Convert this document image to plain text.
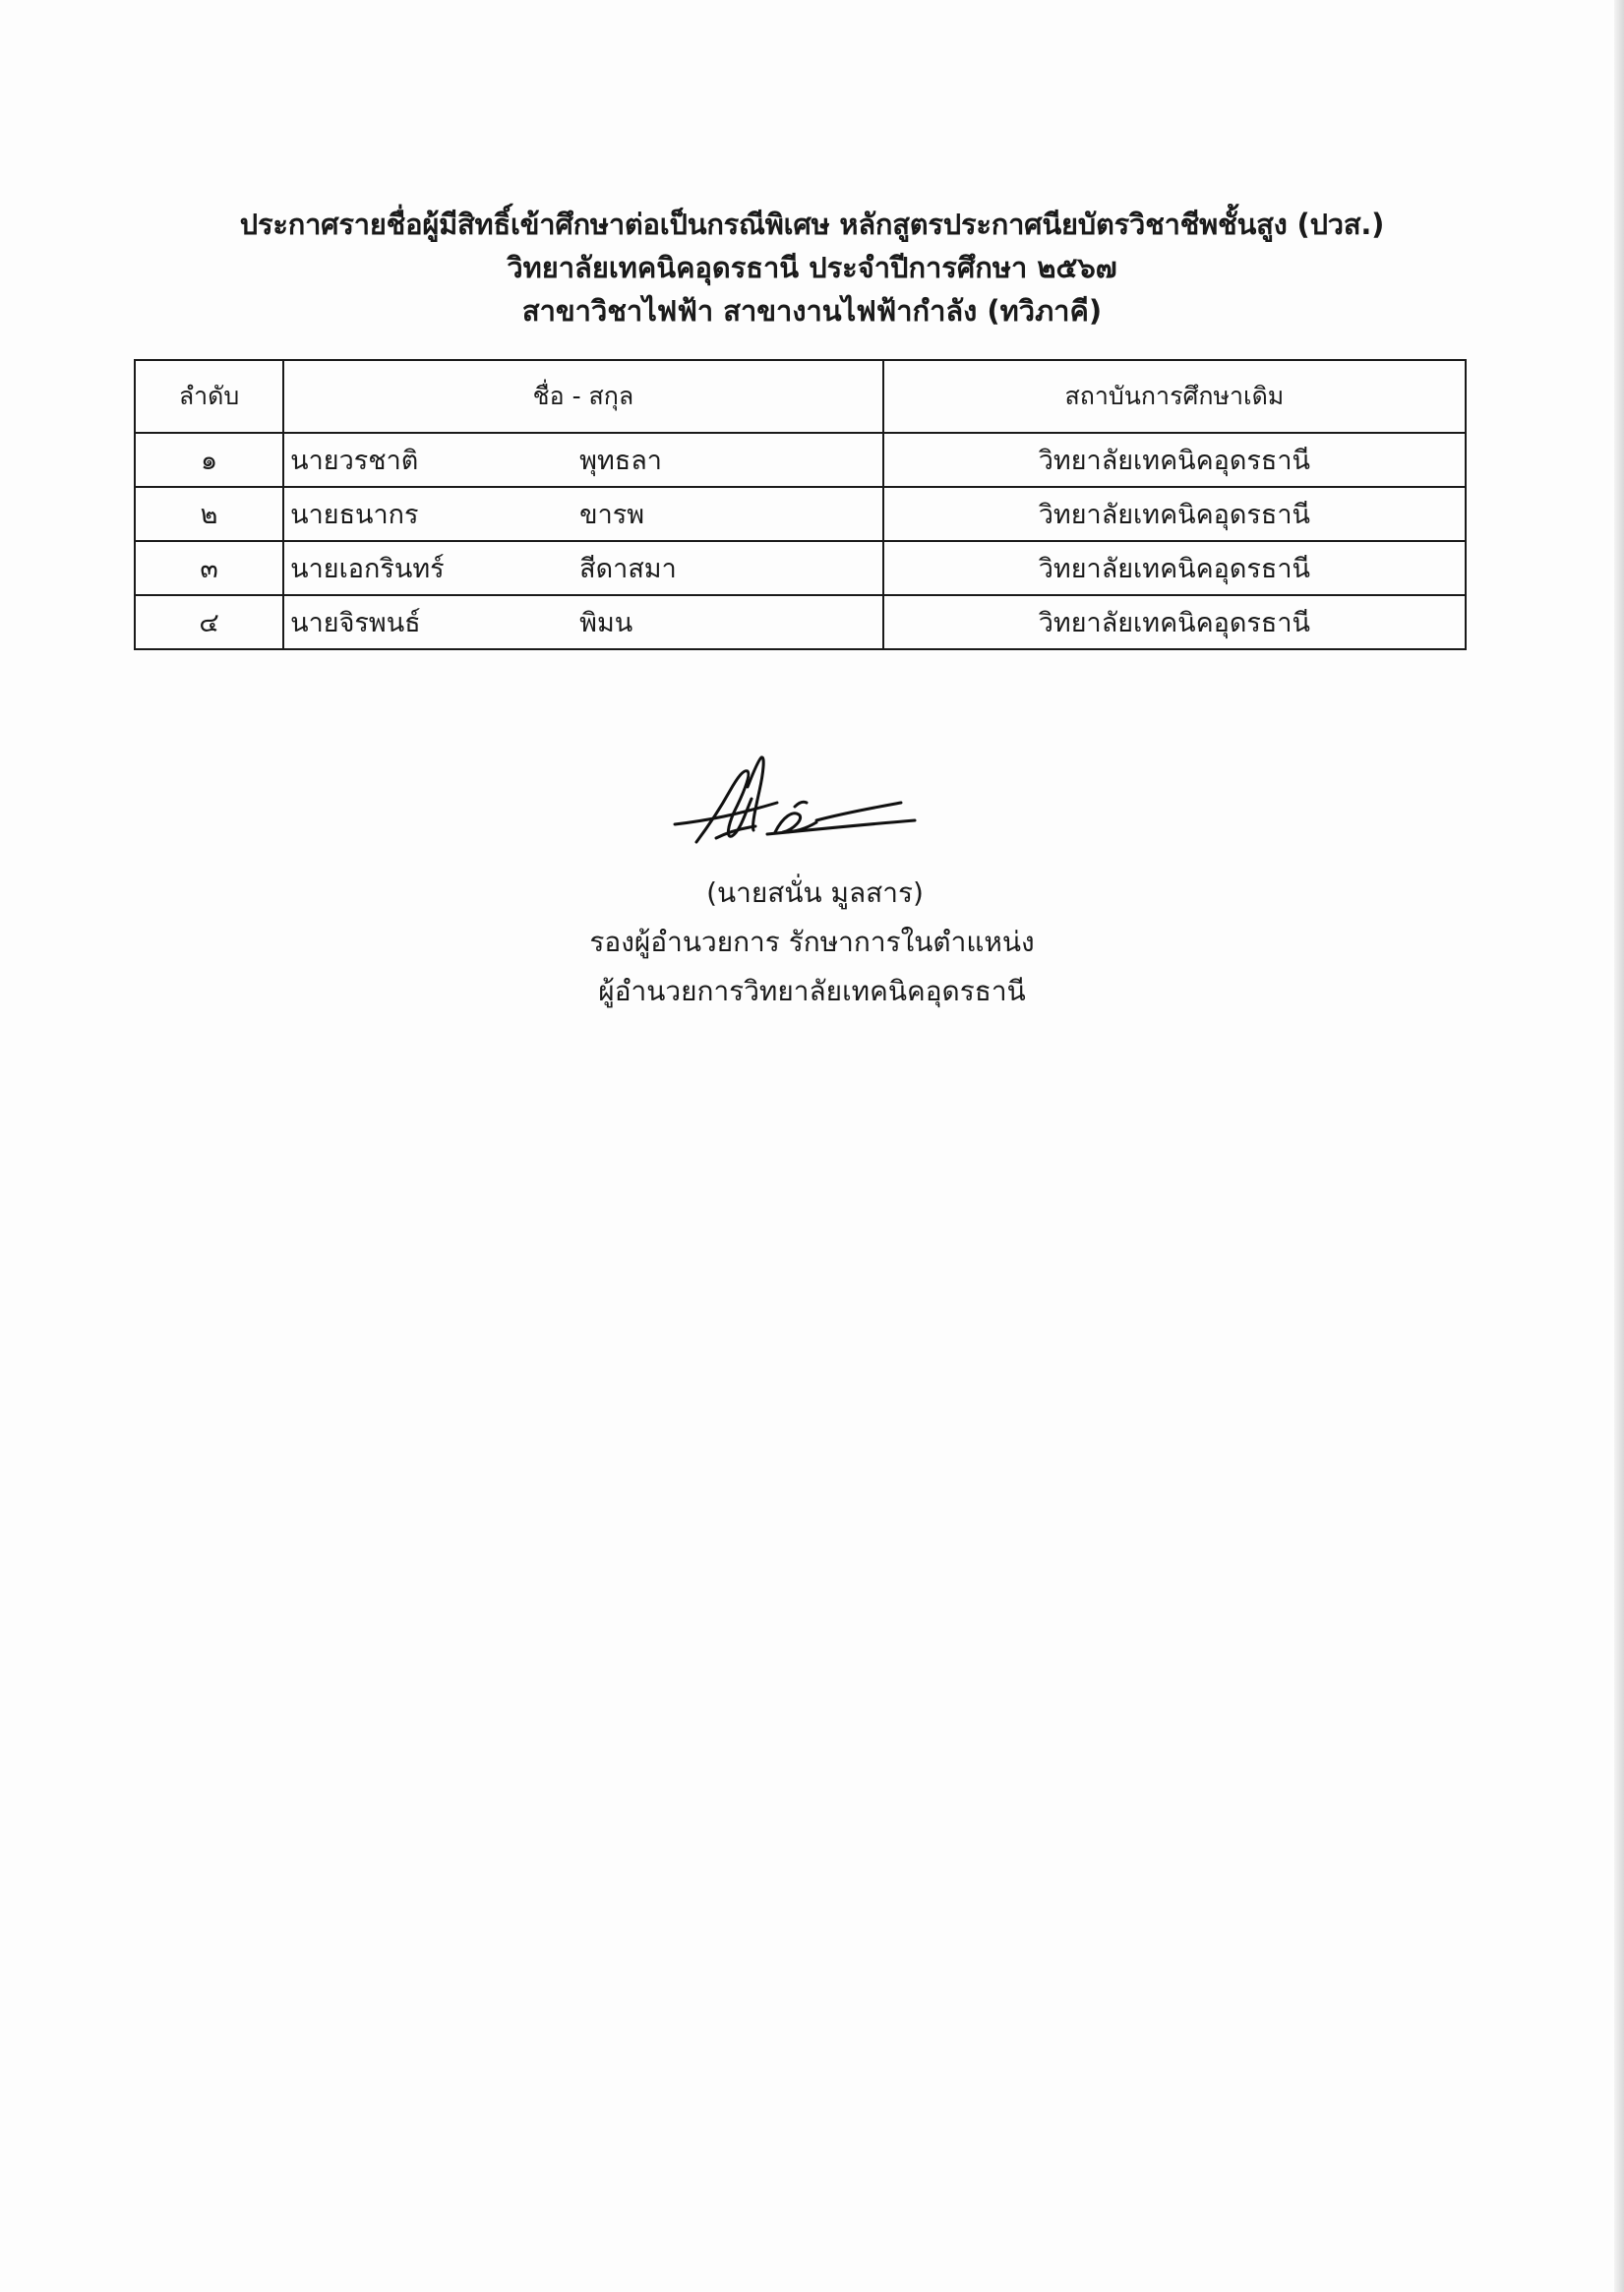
ประกาศรายชื่อผู้มีสิทธิ์เข้าศึกษาต่อเป็นกรณีพิเศษ หลักสูตรประกาศนียบัตรวิชาชีพชั้นสูง (ปวส.)
วิทยาลัยเทคนิคอุดรธานี ประจำปีการศึกษา ๒๕๖๗
สาขาวิชาไฟฟ้า สาขางานไฟฟ้ากำลัง (ทวิภาคี)
ลำดับ	ชื่อ - สกุล	สถาบันการศึกษาเดิม
๑	นายวรชาติ พุทธลา	วิทยาลัยเทคนิคอุดรธานี
๒	นายธนากร ขารพ	วิทยาลัยเทคนิคอุดรธานี
๓	นายเอกรินทร์ สีดาสมา	วิทยาลัยเทคนิคอุดรธานี
๔	นายจิรพนธ์ พิมน	วิทยาลัยเทคนิคอุดรธานี
(นายสนั่น มูลสาร)
รองผู้อำนวยการ รักษาการในตำแหน่ง
ผู้อำนวยการวิทยาลัยเทคนิคอุดรธานี
